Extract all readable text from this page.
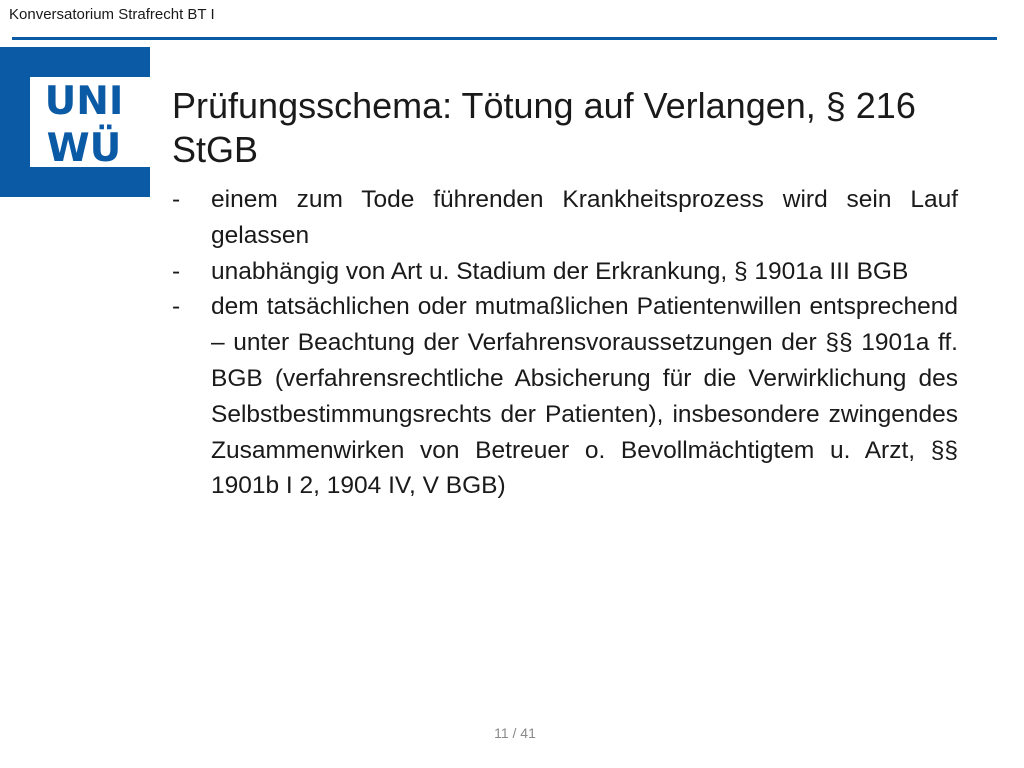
Konversatorium Strafrecht BT I
UNI
WÜ
Prüfungsschema: Tötung auf Verlangen, § 216 StGB
- einem zum Tode führenden Krankheitsprozess wird sein Lauf gelassen
- unabhängig von Art u. Stadium der Erkrankung, § 1901a III BGB
- dem tatsächlichen oder mutmaßlichen Patientenwillen entsprechend – unter Beachtung der Verfahrensvoraussetzungen der §§ 1901a ff. BGB (verfahrensrechtliche Absicherung für die Verwirklichung des Selbstbestimmungsrechts der Patienten), insbesondere zwingendes Zusammenwirken von Betreuer o. Bevollmächtigtem u. Arzt, §§ 1901b I 2, 1904 IV, V BGB)
11 / 41
